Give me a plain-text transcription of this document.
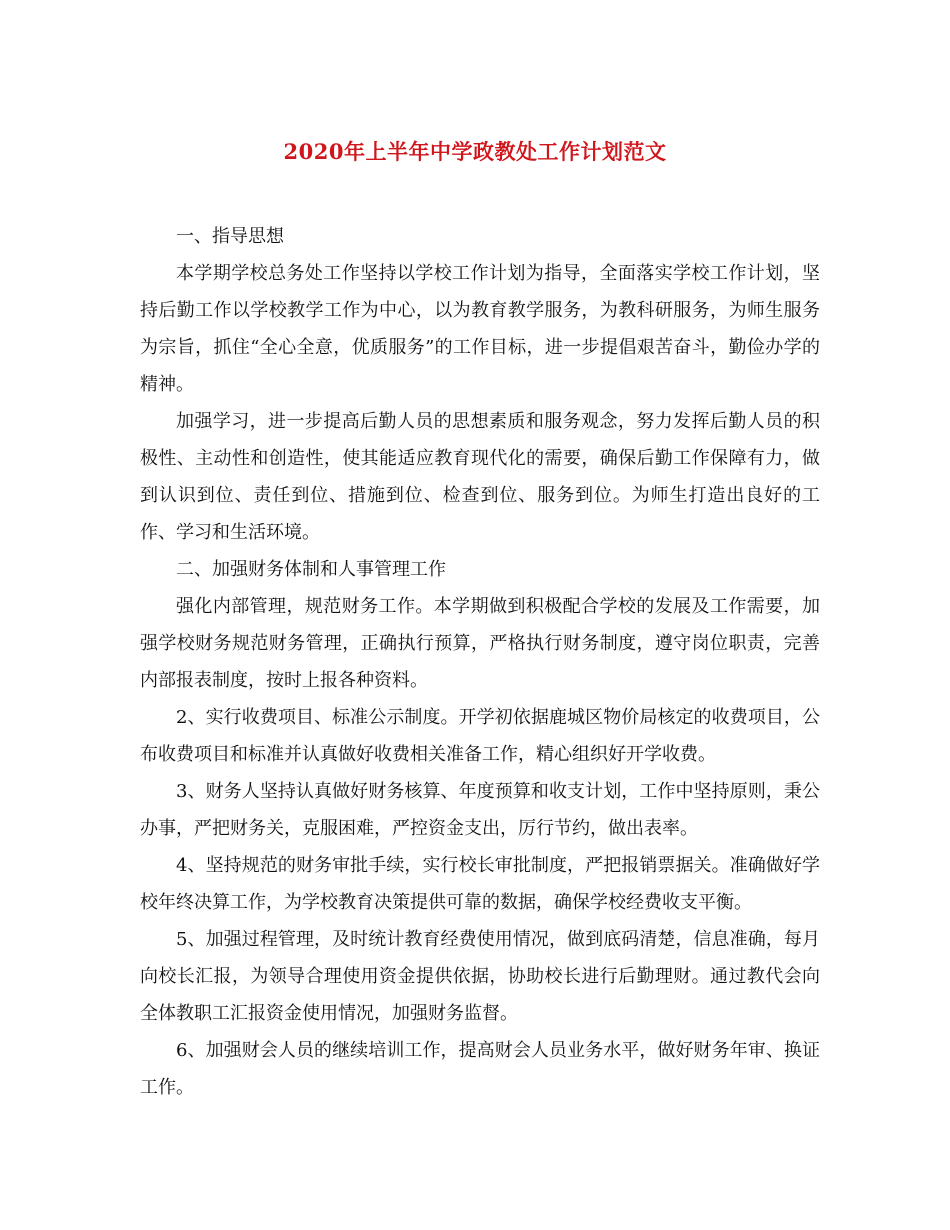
2020年上半年中学政教处工作计划范文

一、指导思想

本学期学校总务处工作坚持以学校工作计划为指导，全面落实学校工作计划，坚持后勤工作以学校教学工作为中心，以为教育教学服务，为教科研服务，为师生服务为宗旨，抓住“全心全意，优质服务”的工作目标，进一步提倡艰苦奋斗，勤俭办学的精神。

加强学习，进一步提高后勤人员的思想素质和服务观念，努力发挥后勤人员的积极性、主动性和创造性，使其能适应教育现代化的需要，确保后勤工作保障有力，做到认识到位、责任到位、措施到位、检查到位、服务到位。为师生打造出良好的工作、学习和生活环境。

二、加强财务体制和人事管理工作

强化内部管理，规范财务工作。本学期做到积极配合学校的发展及工作需要，加强学校财务规范财务管理，正确执行预算，严格执行财务制度，遵守岗位职责，完善内部报表制度，按时上报各种资料。

2、实行收费项目、标准公示制度。开学初依据鹿城区物价局核定的收费项目，公布收费项目和标准并认真做好收费相关准备工作，精心组织好开学收费。

3、财务人坚持认真做好财务核算、年度预算和收支计划，工作中坚持原则，秉公办事，严把财务关，克服困难，严控资金支出，厉行节约，做出表率。

4、坚持规范的财务审批手续，实行校长审批制度，严把报销票据关。准确做好学校年终决算工作，为学校教育决策提供可靠的数据，确保学校经费收支平衡。

5、加强过程管理，及时统计教育经费使用情况，做到底码清楚，信息准确，每月向校长汇报，为领导合理使用资金提供依据，协助校长进行后勤理财。通过教代会向全体教职工汇报资金使用情况，加强财务监督。

6、加强财会人员的继续培训工作，提高财会人员业务水平，做好财务年审、换证工作。
